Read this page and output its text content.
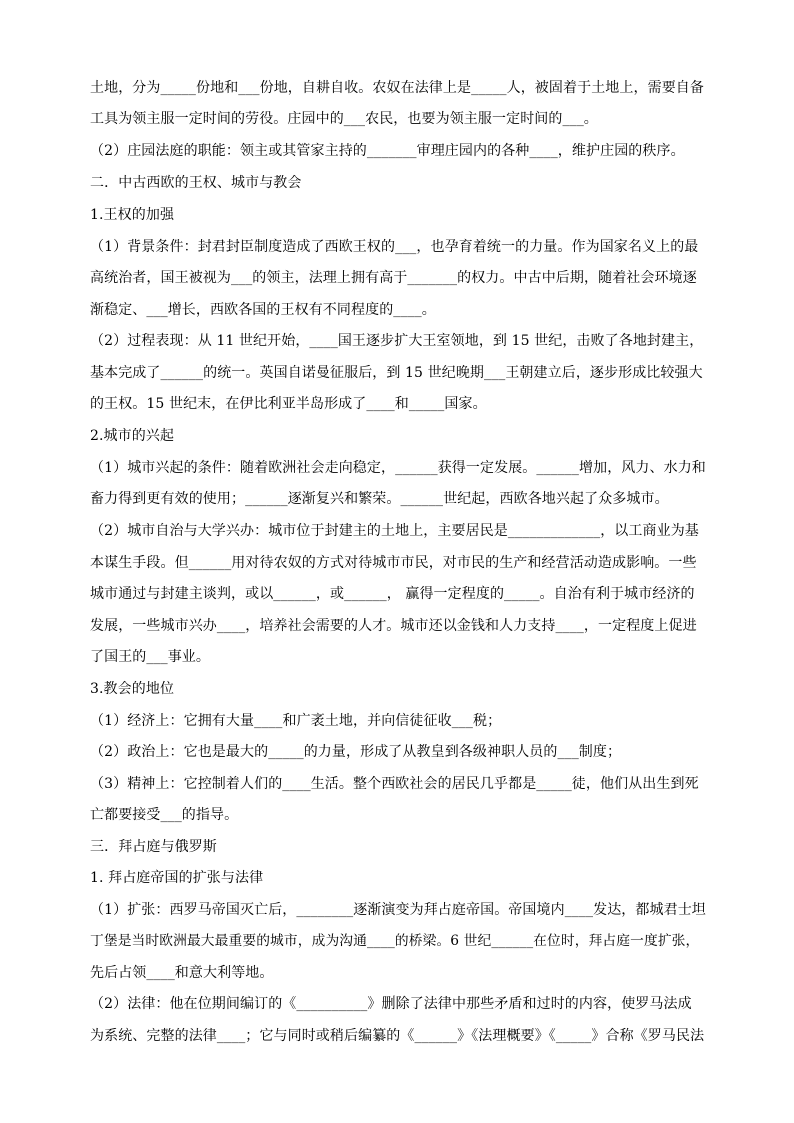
土地，分为_____份地和___份地，自耕自收。农奴在法律上是_____人，被固着于土地上，需要自备
工具为领主服一定时间的劳役。庄园中的___农民，也要为领主服一定时间的___。
（2）庄园法庭的职能：领主或其管家主持的_______审理庄园内的各种____，维护庄园的秩序。
二．中古西欧的王权、城市与教会
1.王权的加强
（1）背景条件：封君封臣制度造成了西欧王权的___，也孕育着统一的力量。作为国家名义上的最
高统治者，国王被视为___的领主，法理上拥有高于_______的权力。中古中后期，随着社会环境逐
渐稳定、___增长，西欧各国的王权有不同程度的____。
（2）过程表现：从 11 世纪开始，____国王逐步扩大王室领地，到 15 世纪，击败了各地封建主，
基本完成了______的统一。英国自诺曼征服后，到 15 世纪晚期___王朝建立后，逐步形成比较强大
的王权。15 世纪末，在伊比利亚半岛形成了____和_____国家。
2.城市的兴起
（1）城市兴起的条件：随着欧洲社会走向稳定，______获得一定发展。______增加，风力、水力和
畜力得到更有效的使用；______逐渐复兴和繁荣。______世纪起，西欧各地兴起了众多城市。
（2）城市自治与大学兴办：城市位于封建主的土地上，主要居民是_____________，以工商业为基
本谋生手段。但______用对待农奴的方式对待城市市民，对市民的生产和经营活动造成影响。一些
城市通过与封建主谈判，或以______，或______， 赢得一定程度的_____。自治有利于城市经济的
发展，一些城市兴办____，培养社会需要的人才。城市还以金钱和人力支持____，一定程度上促进
了国王的___事业。
3.教会的地位
（1）经济上：它拥有大量____和广袤土地，并向信徒征收___税；
（2）政治上：它也是最大的_____的力量，形成了从教皇到各级神职人员的___制度；
（3）精神上：它控制着人们的____生活。整个西欧社会的居民几乎都是_____徒，他们从出生到死
亡都要接受___的指导。
三．拜占庭与俄罗斯
1. 拜占庭帝国的扩张与法律
（1）扩张：西罗马帝国灭亡后，________逐渐演变为拜占庭帝国。帝国境内____发达，都城君士坦
丁堡是当时欧洲最大最重要的城市，成为沟通____的桥梁。6 世纪______在位时，拜占庭一度扩张，
先后占领____和意大利等地。
（2）法律：他在位期间编订的《__________》删除了法律中那些矛盾和过时的内容，使罗马法成
为系统、完整的法律____；它与同时或稍后编纂的《______》《法理概要》《_____》合称《罗马民法
